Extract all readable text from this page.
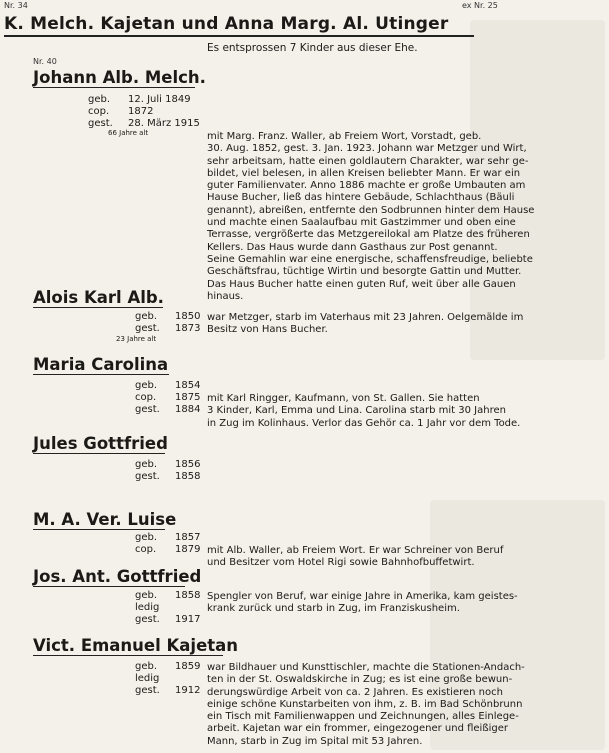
Nr. 34	ex Nr. 25
K. Melch. Kajetan und Anna Marg. Al. Utinger
Es entsprossen 7 Kinder aus dieser Ehe.
Nr. 40
Johann Alb. Melch.
geb.	12. Juli 1849
cop.	1872
gest.	28. März 1915
66 Jahre alt	mit Marg. Franz. Waller, ab Freiem Wort, Vorstadt, geb.
30. Aug. 1852, gest. 3. Jan. 1923. Johann war Metzger und Wirt,
sehr arbeitsam, hatte einen goldlautern Charakter, war sehr ge-
bildet, viel belesen, in allen Kreisen beliebter Mann. Er war ein
guter Familienvater. Anno 1886 machte er große Umbauten am
Hause Bucher, ließ das hintere Gebäude, Schlachthaus (Bäuli
genannt), abreißen, entfernte den Sodbrunnen hinter dem Hause
und machte einen Saalaufbau mit Gastzimmer und oben eine
Terrasse, vergrößerte das Metzgereilokal am Platze des früheren
Kellers. Das Haus wurde dann Gasthaus zur Post genannt.
Seine Gemahlin war eine energische, schaffensfreudige, beliebte
Geschäftsfrau, tüchtige Wirtin und besorgte Gattin und Mutter.
Das Haus Bucher hatte einen guten Ruf, weit über alle Gauen
hinaus.
Alois Karl Alb.
geb.	1850
gest.	1873
23 Jahre alt
war Metzger, starb im Vaterhaus mit 23 Jahren. Oelgemälde im
Besitz von Hans Bucher.
Maria Carolina
geb.	1854
cop.	1875
gest.	1884
mit Karl Ringger, Kaufmann, von St. Gallen. Sie hatten
3 Kinder, Karl, Emma und Lina. Carolina starb mit 30 Jahren
in Zug im Kolinhaus. Verlor das Gehör ca. 1 Jahr vor dem Tode.
Jules Gottfried
geb.	1856
gest.	1858
M. A. Ver. Luise
geb.	1857
cop.	1879 mit Alb. Waller, ab Freiem Wort. Er war Schreiner von Beruf
und Besitzer vom Hotel Rigi sowie Bahnhofbuffetwirt.
Jos. Ant. Gottfried
geb.	1858
ledig
gest.	1917
Spengler von Beruf, war einige Jahre in Amerika, kam geistes-
krank zurück und starb in Zug, im Franziskusheim.
Vict. Emanuel Kajetan
geb.	1859
ledig
gest.	1912
war Bildhauer und Kunsttischler, machte die Stationen-Andach-
ten in der St. Oswaldskirche in Zug; es ist eine große bewun-
derungswürdige Arbeit von ca. 2 Jahren. Es existieren noch
einige schöne Kunstarbeiten von ihm, z. B. im Bad Schönbrunn
ein Tisch mit Familienwappen und Zeichnungen, alles Einlege-
arbeit. Kajetan war ein frommer, eingezogener und fleißiger
Mann, starb in Zug im Spital mit 53 Jahren.
